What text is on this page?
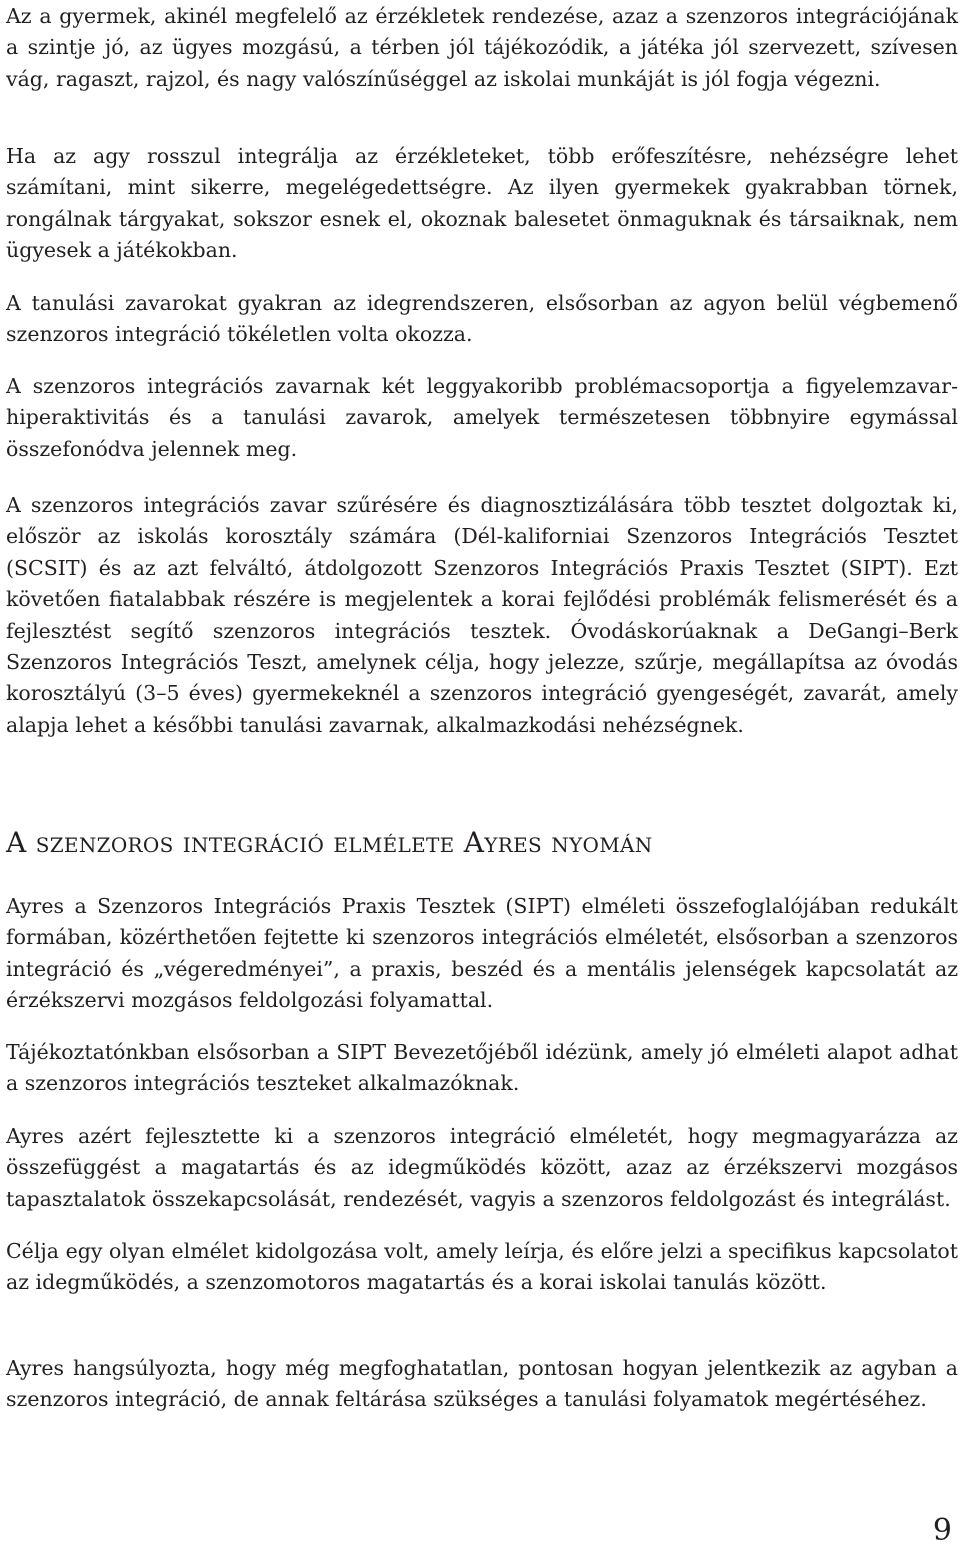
Az a gyermek, akinél megfelelő az érzékletek rendezése, azaz a szenzoros integrációjának a szintje jó, az ügyes mozgású, a térben jól tájékozódik, a játéka jól szervezett, szívesen vág, ragaszt, rajzol, és nagy valószínűséggel az iskolai munkáját is jól fogja végezni.

Ha az agy rosszul integrálja az érzékleteket, több erőfeszítésre, nehézségre lehet számítani, mint sikerre, megelégedettségre. Az ilyen gyermekek gyakrabban törnek, rongálnak tárgyakat, sokszor esnek el, okoznak balesetet önmaguknak és társaiknak, nem ügyesek a játékokban.

A tanulási zavarokat gyakran az idegrendszeren, elsősorban az agyon belül végbemenő szenzoros integráció tökéletlen volta okozza.

A szenzoros integrációs zavarnak két leggyakoribb problémacsoportja a figyelemzavar-hiperaktivitás és a tanulási zavarok, amelyek természetesen többnyire egymással összefonódva jelennek meg.

A szenzoros integrációs zavar szűrésére és diagnosztizálására több tesztet dolgoztak ki, először az iskolás korosztály számára (Dél-kaliforniai Szenzoros Integrációs Tesztet (SCSIT) és az azt felváltó, átdolgozott Szenzoros Integrációs Praxis Tesztet (SIPT). Ezt követően fiatalabbak részére is megjelentek a korai fejlődési problémák felismerését és a fejlesztést segítő szenzoros integrációs tesztek. Óvodáskorúaknak a DeGangi–Berk Szenzoros Integrációs Teszt, amelynek célja, hogy jelezze, szűrje, megállapítsa az óvodás korosztályú (3–5 éves) gyermekeknél a szenzoros integráció gyengeségét, zavarát, amely alapja lehet a későbbi tanulási zavarnak, alkalmazkodási nehézségnek.

A szenzoros integráció elmélete Ayres nyomán

Ayres a Szenzoros Integrációs Praxis Tesztek (SIPT) elméleti összefoglalójában redukált formában, közérthetően fejtette ki szenzoros integrációs elméletét, elsősorban a szenzoros integráció és „végeredményei”, a praxis, beszéd és a mentális jelenségek kapcsolatát az érzékszervi mozgásos feldolgozási folyamattal.

Tájékoztatónkban elsősorban a SIPT Bevezetőjéből idézünk, amely jó elméleti alapot adhat a szenzoros integrációs teszteket alkalmazóknak.

Ayres azért fejlesztette ki a szenzoros integráció elméletét, hogy megmagyarázza az összefüggést a magatartás és az idegműködés között, azaz az érzékszervi mozgásos tapasztalatok összekapcsolását, rendezését, vagyis a szenzoros feldolgozást és integrálást.

Célja egy olyan elmélet kidolgozása volt, amely leírja, és előre jelzi a specifikus kapcsolatot az idegműködés, a szenzomotoros magatartás és a korai iskolai tanulás között.

Ayres hangsúlyozta, hogy még megfoghatatlan, pontosan hogyan jelentkezik az agyban a szenzoros integráció, de annak feltárása szükséges a tanulási folyamatok megértéséhez.

9
